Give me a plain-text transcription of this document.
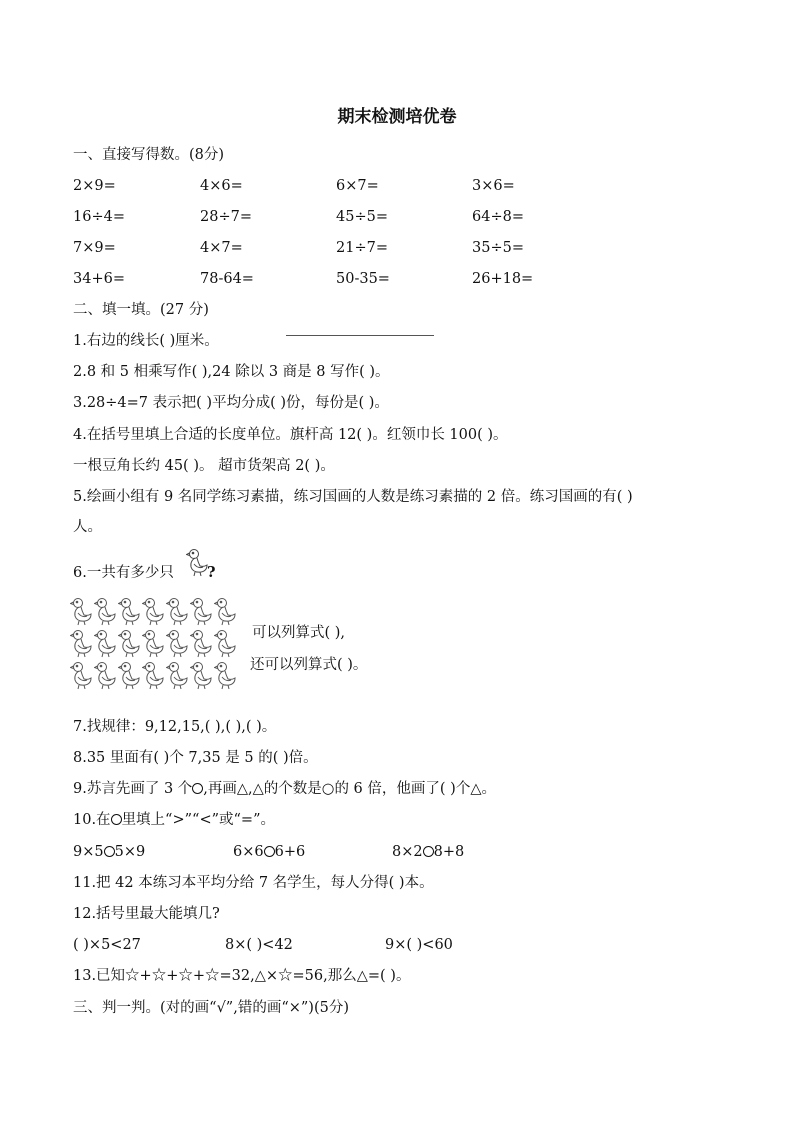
期末检测培优卷
一、直接写得数。(8分)
2×9=	4×6=	6×7=	3×6=
16÷4=	28÷7=	45÷5=	64÷8=
7×9=	4×7=	21÷7=	35÷5=
34+6=	78-64=	50-35=	26+18=
二、填一填。(27 分)
1.右边的线长( )厘米。
2.8 和 5 相乘写作( ),24 除以 3 商是 8 写作( )。
3.28÷4=7 表示把( )平均分成( )份，每份是( )。
4.在括号里填上合适的长度单位。旗杆高 12( )。红领巾长 100( )。
一根豆角长约 45( )。 超市货架高 2( )。
5.绘画小组有 9 名同学练习素描，练习国画的人数是练习素描的 2 倍。练习国画的有( )
人。
6.一共有多少只 ?
可以列算式( ),
还可以列算式( )。
7.找规律：9,12,15,( ),( ),( )。
8.35 里面有( )个 7,35 是 5 的( )倍。
9.苏言先画了 3 个 ,再画△,△的个数是○的 6 倍，他画了( )个△。
10.在 里填上“>”“<”或“=”。
9×5 5×9	6×6 6+6	8×2 8+8
11.把 42 本练习本平均分给 7 名学生，每人分得( )本。
12.括号里最大能填几?
( )×5<27	8×( )<42	9×( )<60
13.已知☆+☆+☆+☆=32,△×☆=56,那么△=( )。
三、判一判。(对的画“√”,错的画“×”)(5分)
